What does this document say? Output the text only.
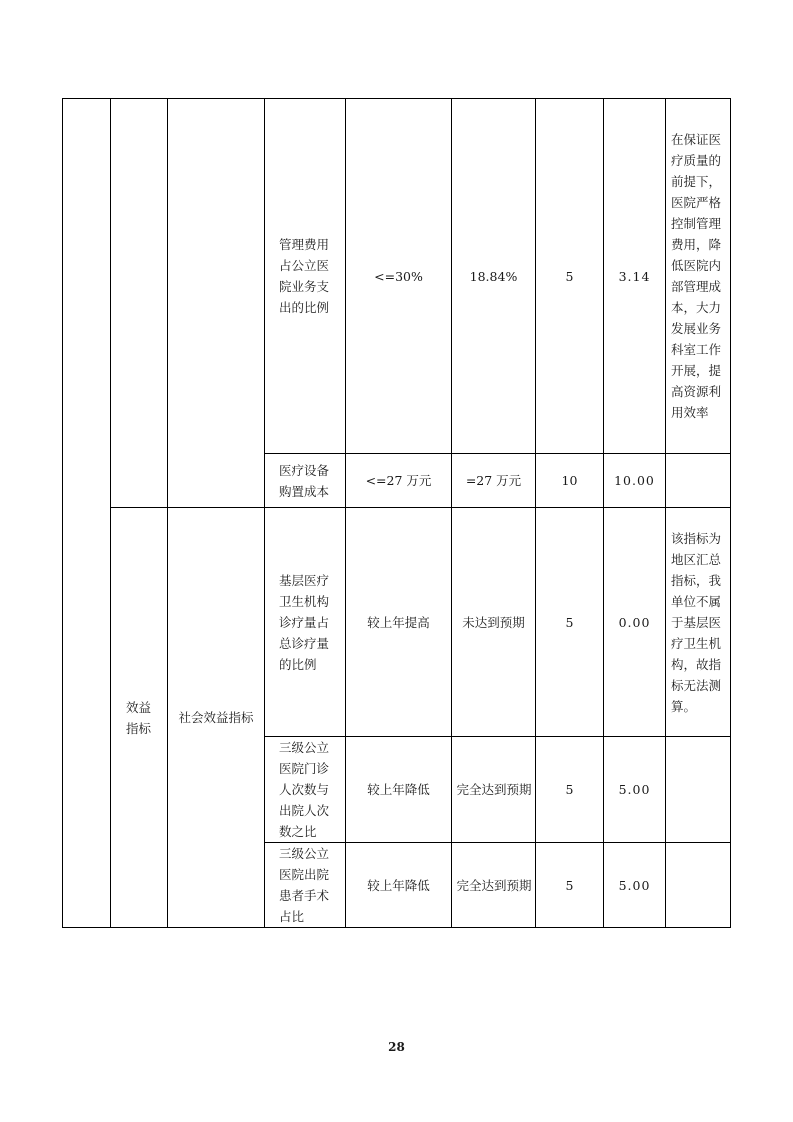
			管理费用占公立医院业务支出的比例	<=30%	18.84%	5	3.14	在保证医疗质量的前提下，医院严格控制管理费用，降低医院内部管理成本，大力发展业务科室工作开展，提高资源利用效率
			医疗设备购置成本	<=27 万元	=27 万元	10	10.00	
	效益指标	社会效益指标	基层医疗卫生机构诊疗量占总诊疗量的比例	较上年提高	未达到预期	5	0.00	该指标为地区汇总指标，我单位不属于基层医疗卫生机构，故指标无法测算。
			三级公立医院门诊人次数与出院人次数之比	较上年降低	完全达到预期	5	5.00	
			三级公立医院出院患者手术占比	较上年降低	完全达到预期	5	5.00	
28
